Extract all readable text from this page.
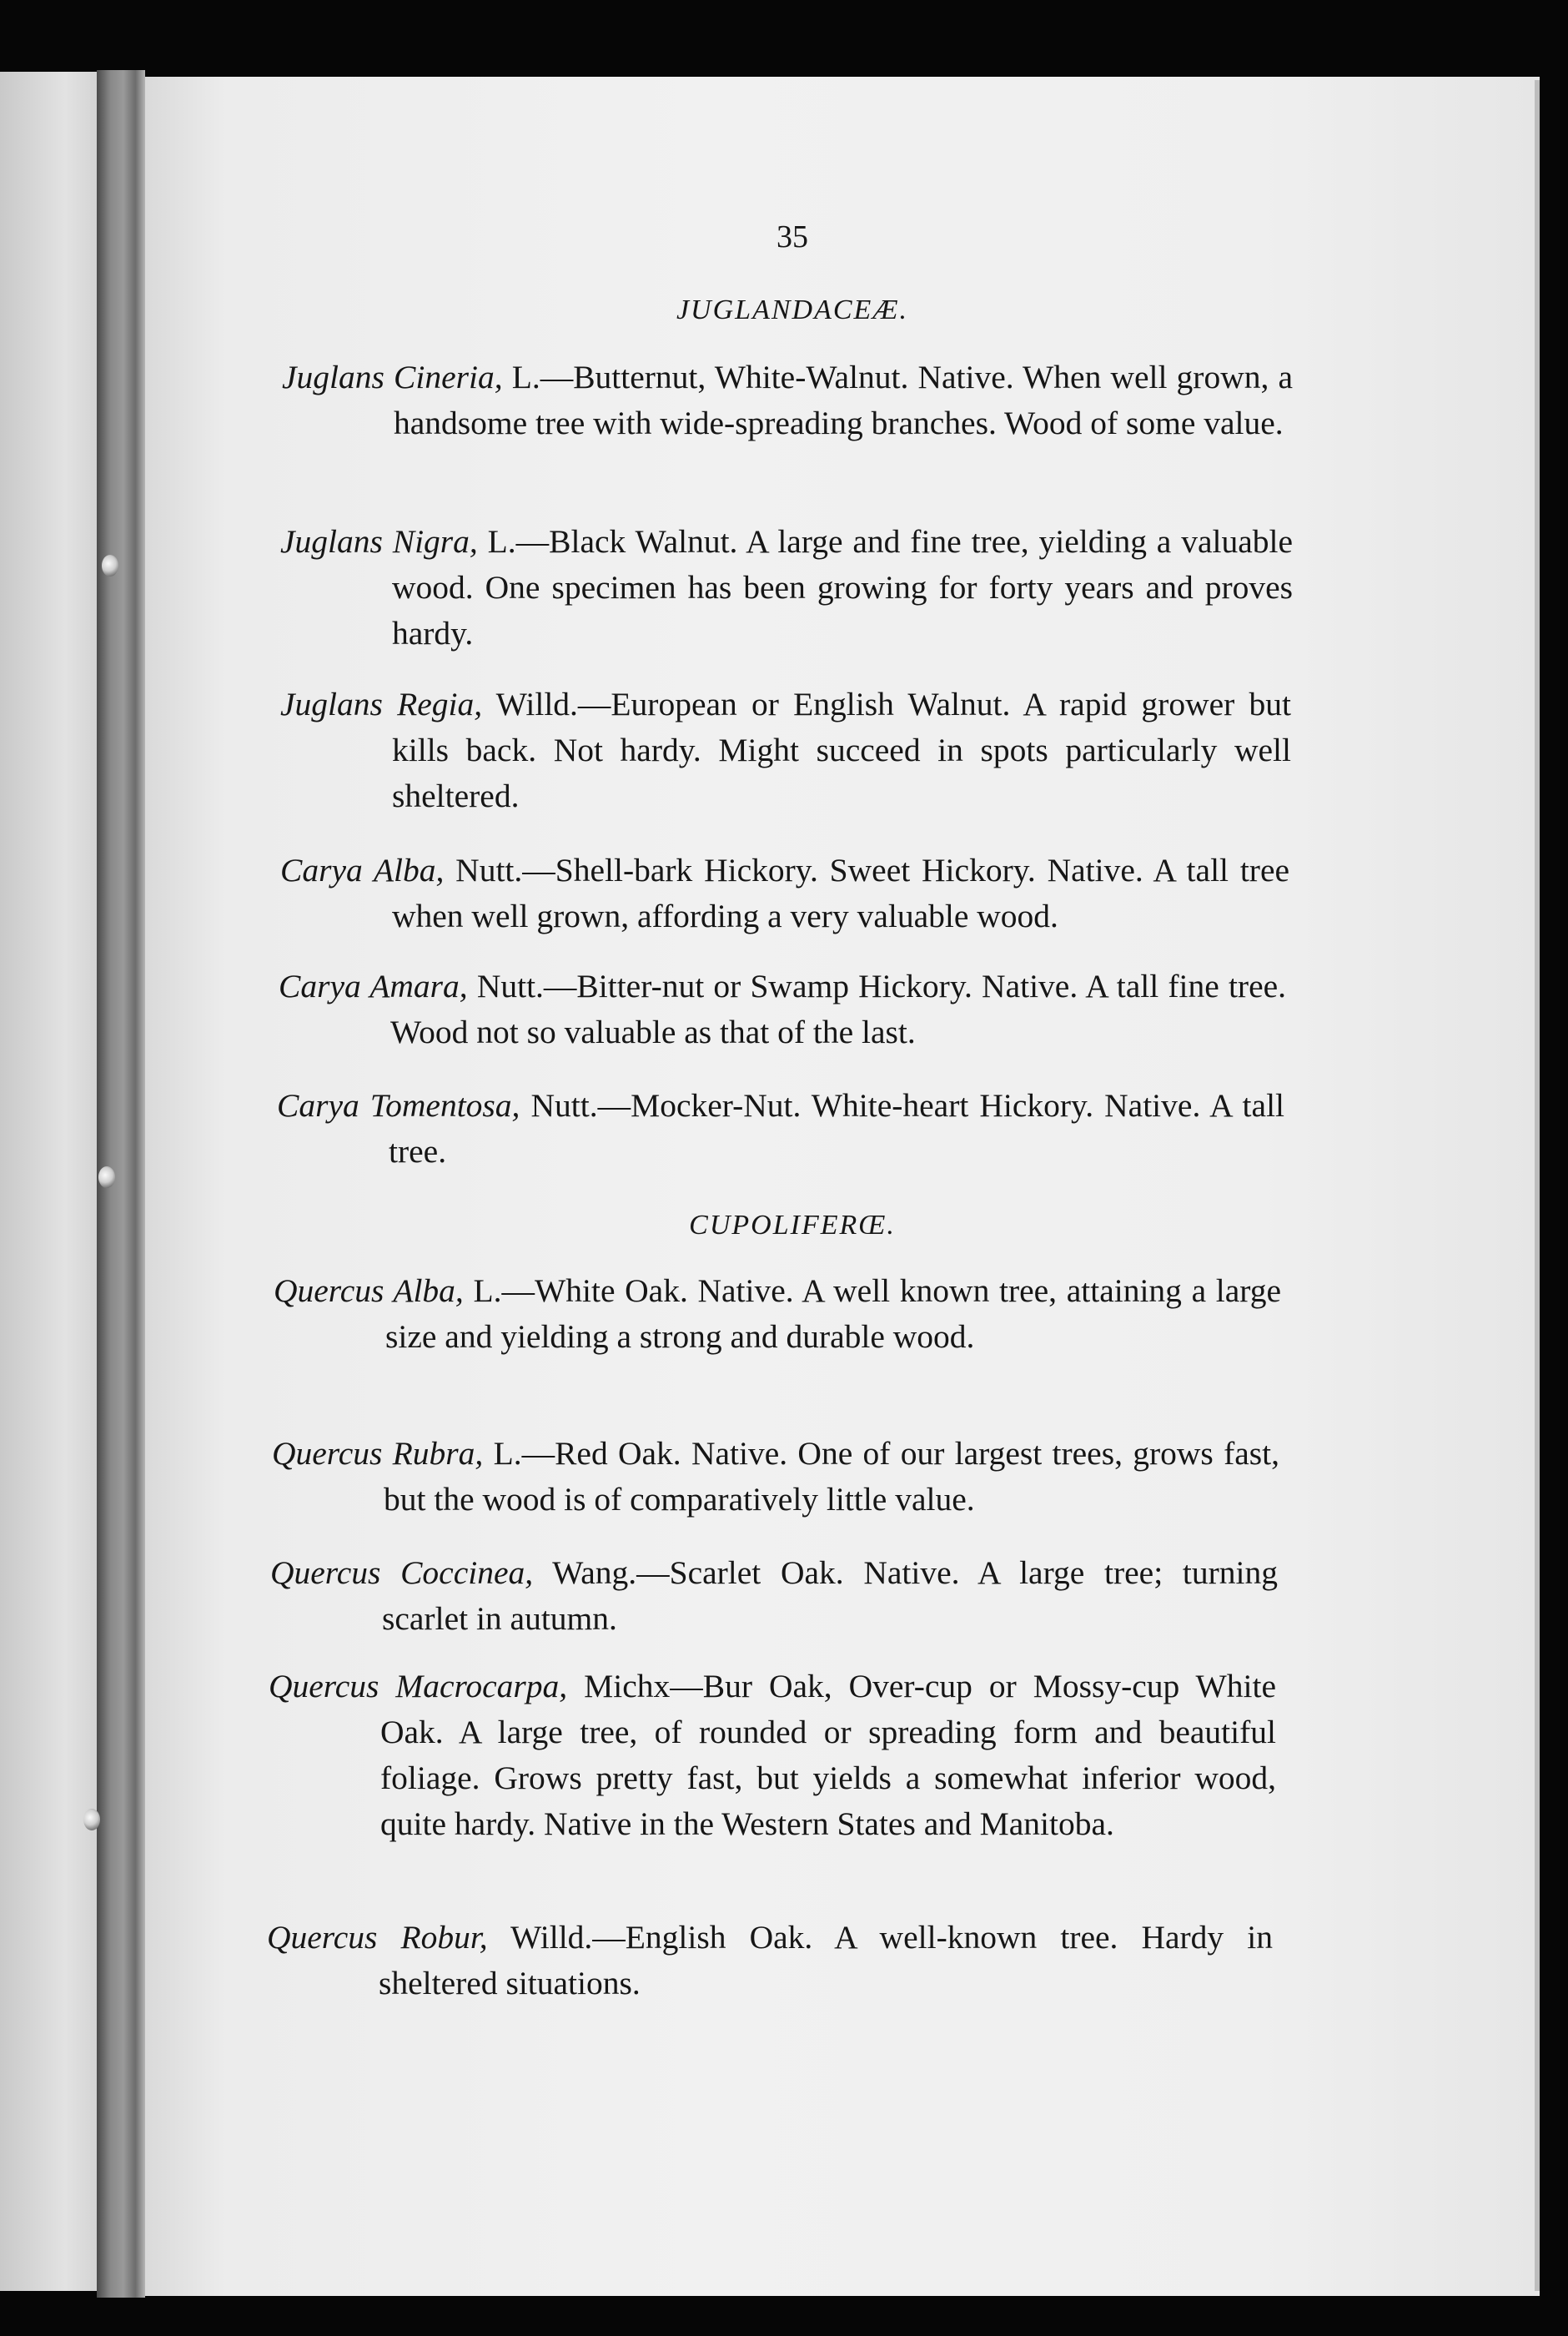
35
JUGLANDACEÆ.
Juglans Cineria, L.—Butternut, White-Walnut. Native. When well grown, a handsome tree with wide-spreading branches. Wood of some value.
Juglans Nigra, L.—Black Walnut. A large and fine tree, yielding a valuable wood. One specimen has been growing for forty years and proves hardy.
Juglans Regia, Willd.—European or English Walnut. A rapid grower but kills back. Not hardy. Might succeed in spots particularly well sheltered.
Carya Alba, Nutt.—Shell-bark Hickory. Sweet Hickory. Native. A tall tree when well grown, affording a very valuable wood.
Carya Amara, Nutt.—Bitter-nut or Swamp Hickory. Native. A tall fine tree. Wood not so valuable as that of the last.
Carya Tomentosa, Nutt.—Mocker-Nut. White-heart Hickory. Native. A tall tree.
CUPOLIFERŒ.
Quercus Alba, L.—White Oak. Native. A well known tree, attaining a large size and yielding a strong and durable wood.
Quercus Rubra, L.—Red Oak. Native. One of our largest trees, grows fast, but the wood is of comparatively little value.
Quercus Coccinea, Wang.—Scarlet Oak. Native. A large tree; turning scarlet in autumn.
Quercus Macrocarpa, Michx—Bur Oak, Over-cup or Mossy-cup White Oak. A large tree, of rounded or spreading form and beautiful foliage. Grows pretty fast, but yields a somewhat inferior wood, quite hardy. Native in the Western States and Manitoba.
Quercus Robur, Willd.—English Oak. A well-known tree. Hardy in sheltered situations.
